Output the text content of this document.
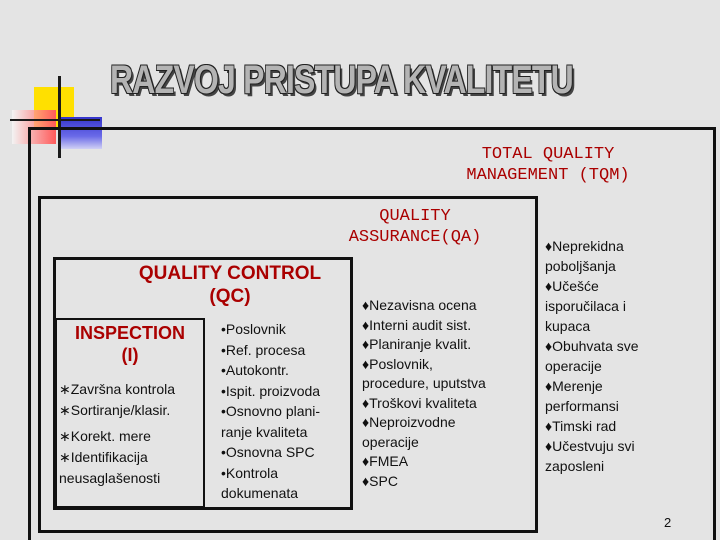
RAZVOJ PRISTUPA KVALITETU
TOTAL QUALITY
MANAGEMENT (TQM)
QUALITY
ASSURANCE(QA)
QUALITY CONTROL
(QC)
INSPECTION
(I)
∗Završna kontrola
∗Sortiranje/klasir.
∗Korekt. mere
∗Identifikacija
neusaglašenosti
•Poslovnik
•Ref. procesa
•Autokontr.
•Ispit. proizvoda
•Osnovno plani-
ranje kvaliteta
•Osnovna SPC
•Kontrola
dokumenata
♦Nezavisna ocena
♦Interni audit sist.
♦Planiranje kvalit.
♦Poslovnik,
procedure, uputstva
♦Troškovi kvaliteta
♦Neproizvodne
operacije
♦FMEA
♦SPC
♦Neprekidna
poboljšanja
♦Učešće
isporučilaca i
kupaca
♦Obuhvata sve
operacije
♦Merenje
performansi
♦Timski rad
♦Učestvuju svi
zaposleni
2
